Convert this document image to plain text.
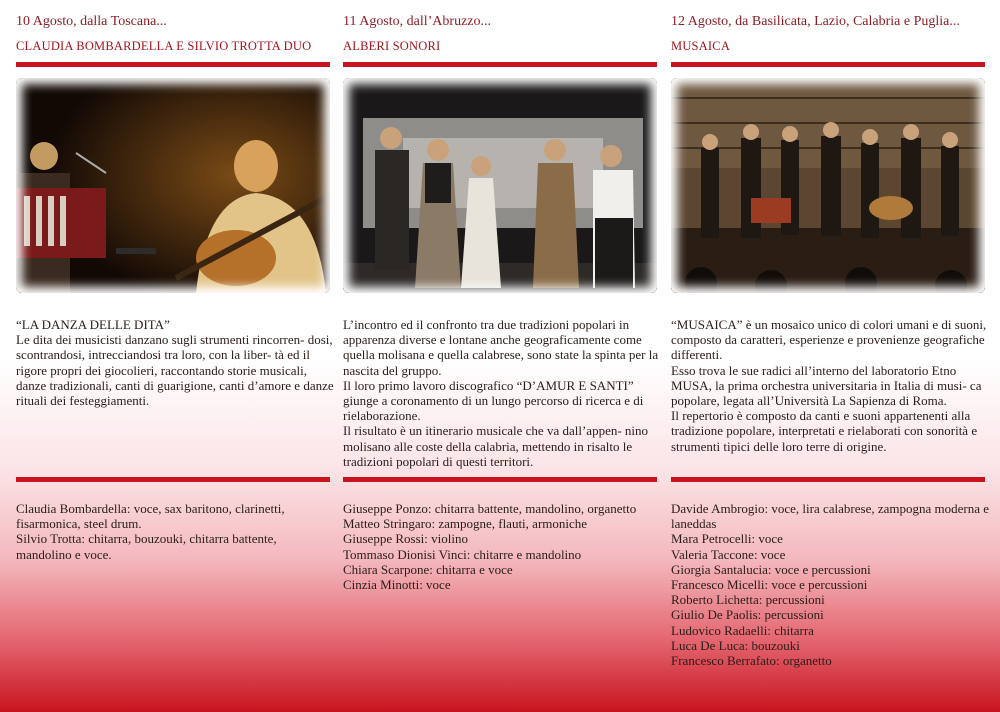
10 Agosto, dalla Toscana...
CLAUDIA BOMBARDELLA E SILVIO TROTTA DUO

“LA DANZA DELLE DITA”

Le dita dei musicisti danzano sugli strumenti rincorren- dosi, scontrandosi, intrecciandosi tra loro, con la liber- tà ed il rigore propri dei giocolieri, raccontando storie musicali, danze tradizionali, canti di guarigione, canti d’amore e danze rituali dei festeggiamenti.

Claudia Bombardella: voce, sax baritono, clarinetti, fisarmonica, steel drum.
Silvio Trotta: chitarra, bouzouki, chitarra battente, mandolino e voce.
11 Agosto, dall’Abruzzo...
ALBERI SONORI

L’incontro ed il confronto tra due tradizioni popolari in apparenza diverse e lontane anche geograficamente come quella molisana e quella calabrese, sono state la spinta per la nascita del gruppo.

Il loro primo lavoro discografico “D’AMUR E SANTI” giunge a coronamento di un lungo percorso di ricerca e di rielaborazione.

Il risultato è un itinerario musicale che va dall’appen- nino molisano alle coste della calabria, mettendo in risalto le tradizioni popolari di questi territori.

Giuseppe Ponzo: chitarra battente, mandolino, organetto
Matteo Stringaro: zampogne, flauti, armoniche
Giuseppe Rossi: violino
Tommaso Dionisi Vinci: chitarre e mandolino
Chiara Scarpone: chitarra e voce
Cinzia Minotti: voce
12 Agosto, da Basilicata, Lazio, Calabria e Puglia...
MUSAICA

“MUSAICA” è un mosaico unico di colori umani e di suoni, composto da caratteri, esperienze e provenienze geografiche differenti.

Esso trova le sue radici all’interno del laboratorio Etno MUSA, la prima orchestra universitaria in Italia di musi- ca popolare, legata all’Università La Sapienza di Roma.

Il repertorio è composto da canti e suoni appartenenti alla tradizione popolare, interpretati e rielaborati con sonorità e strumenti tipici delle loro terre di origine.

Davide Ambrogio: voce, lira calabrese, zampogna moderna e laneddas
Mara Petrocelli: voce
Valeria Taccone: voce
Giorgia Santalucia: voce e percussioni
Francesco Micelli: voce e percussioni
Roberto Lichetta: percussioni
Giulio De Paolis: percussioni
Ludovico Radaelli: chitarra
Luca De Luca: bouzouki
Francesco Berrafato: organetto
